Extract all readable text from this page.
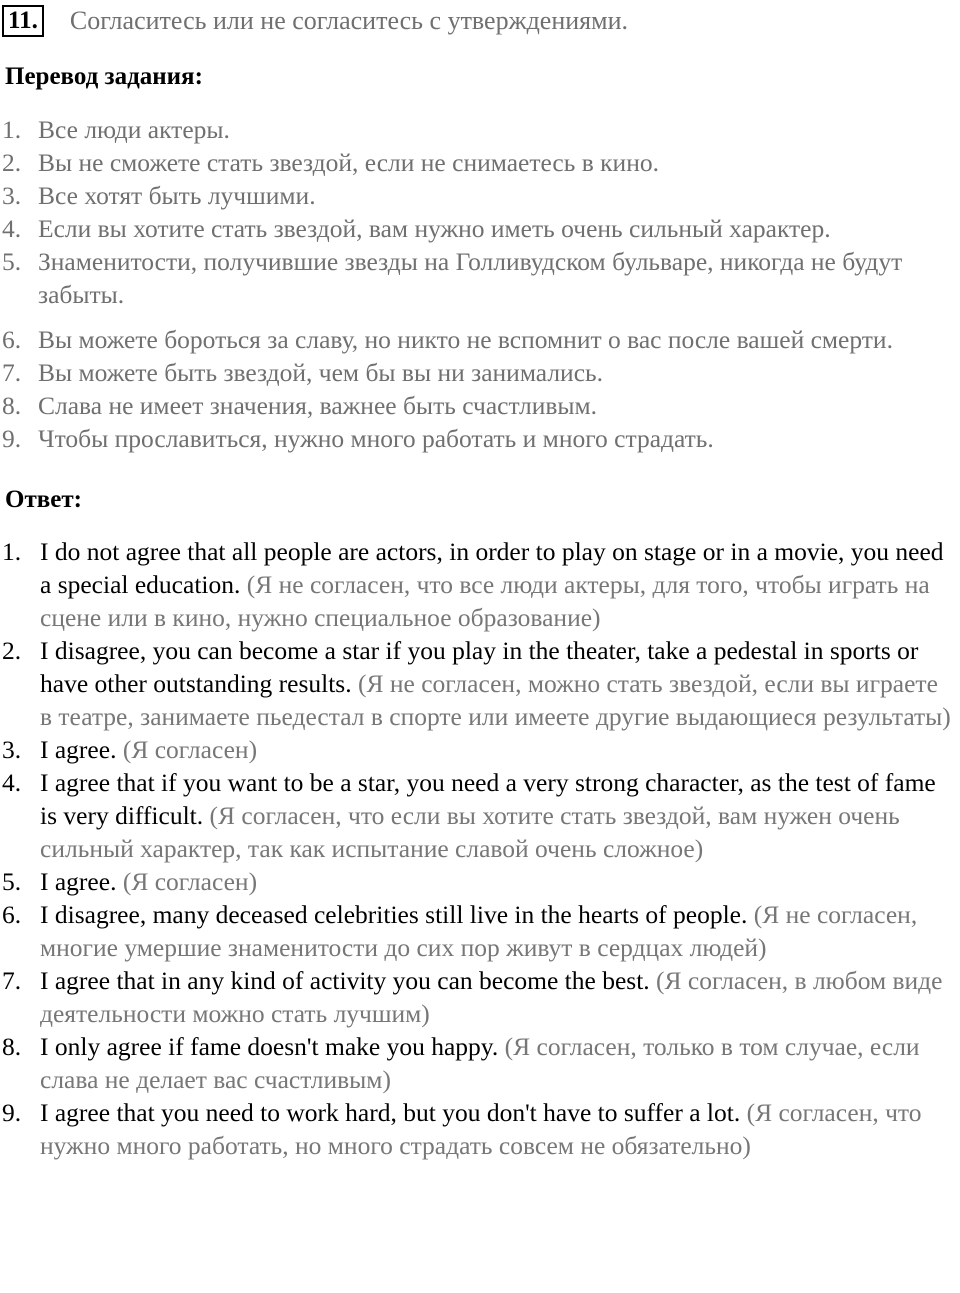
11. Согласитесь или не согласитесь с утверждениями.
Перевод задания:
1. Все люди актеры.
2. Вы не сможете стать звездой, если не снимаетесь в кино.
3. Все хотят быть лучшими.
4. Если вы хотите стать звездой, вам нужно иметь очень сильный характер.
5. Знаменитости, получившие звезды на Голливудском бульваре, никогда не будут забыты.
6. Вы можете бороться за славу, но никто не вспомнит о вас после вашей смерти.
7. Вы можете быть звездой, чем бы вы ни занимались.
8. Слава не имеет значения, важнее быть счастливым.
9. Чтобы прославиться, нужно много работать и много страдать.
Ответ:
1. I do not agree that all people are actors, in order to play on stage or in a movie, you need a special education. (Я не согласен, что все люди актеры, для того, чтобы играть на сцене или в кино, нужно специальное образование)
2. I disagree, you can become a star if you play in the theater, take a pedestal in sports or have other outstanding results. (Я не согласен, можно стать звездой, если вы играете в театре, занимаете пьедестал в спорте или имеете другие выдающиеся результаты)
3. I agree. (Я согласен)
4. I agree that if you want to be a star, you need a very strong character, as the test of fame is very difficult. (Я согласен, что если вы хотите стать звездой, вам нужен очень сильный характер, так как испытание славой очень сложное)
5. I agree. (Я согласен)
6. I disagree, many deceased celebrities still live in the hearts of people. (Я не согласен, многие умершие знаменитости до сих пор живут в сердцах людей)
7. I agree that in any kind of activity you can become the best. (Я согласен, в любом виде деятельности можно стать лучшим)
8. I only agree if fame doesn't make you happy. (Я согласен, только в том случае, если слава не делает вас счастливым)
9. I agree that you need to work hard, but you don't have to suffer a lot. (Я согласен, что нужно много работать, но много страдать совсем не обязательно)
